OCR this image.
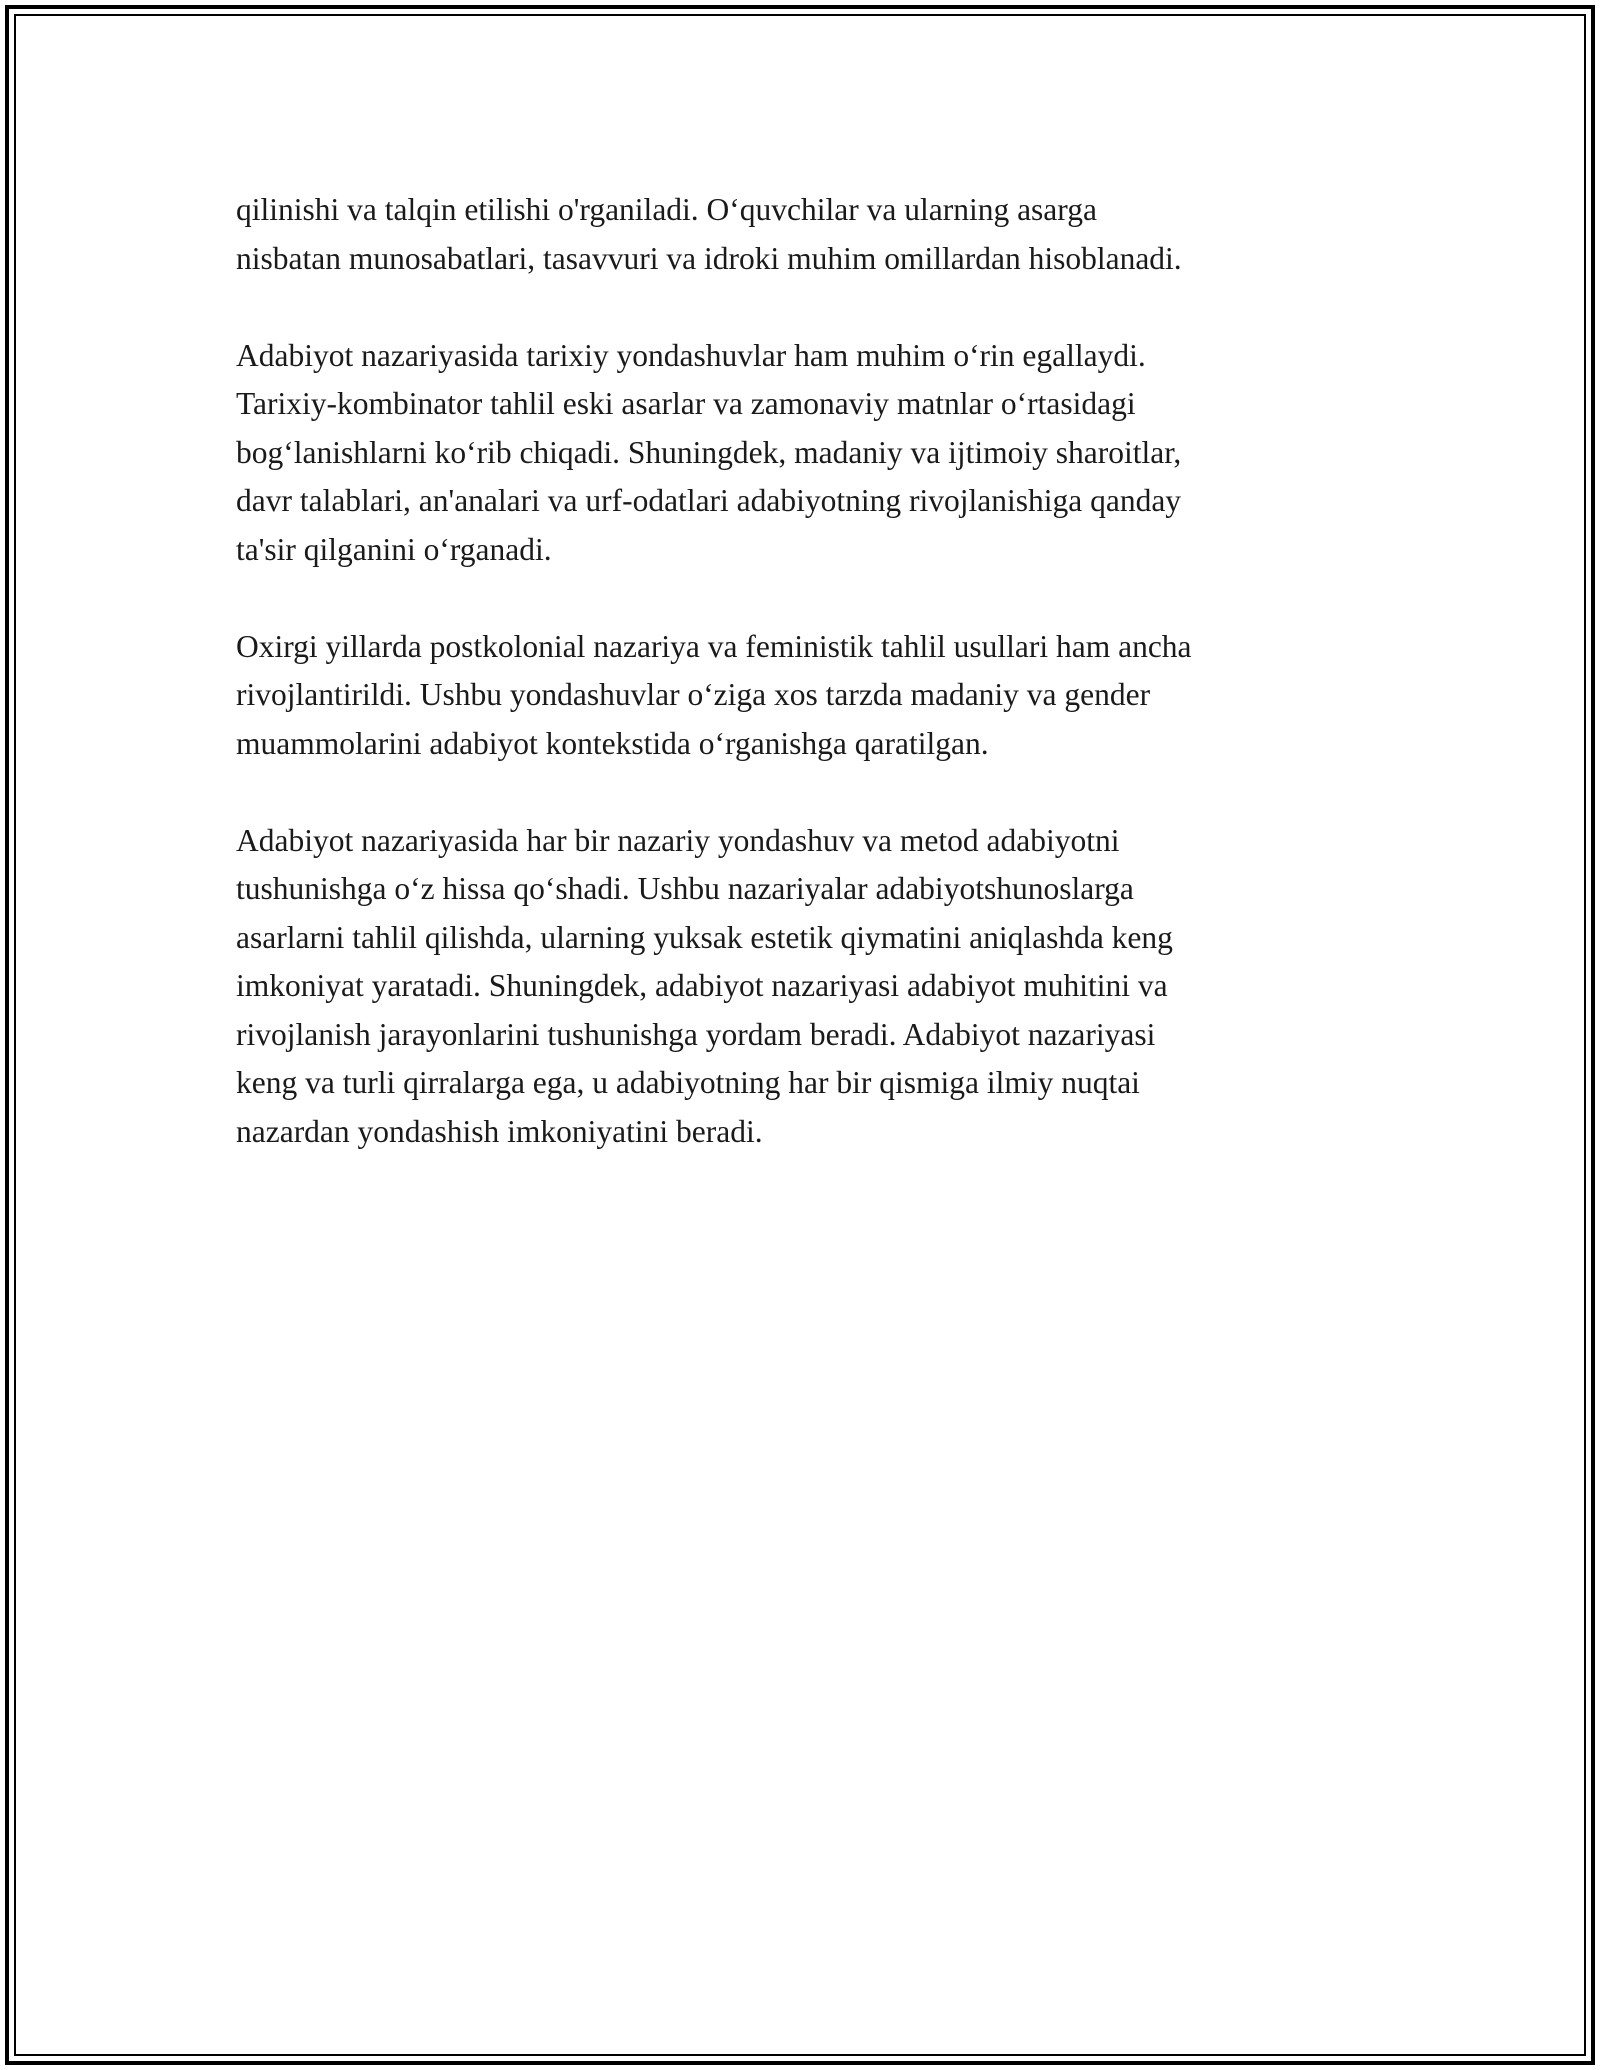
qilinishi va talqin etilishi o'rganiladi. O‘quvchilar va ularning asarga
nisbatan munosabatlari, tasavvuri va idroki muhim omillardan hisoblanadi.

Adabiyot nazariyasida tarixiy yondashuvlar ham muhim o‘rin egallaydi.
Tarixiy-kombinator tahlil eski asarlar va zamonaviy matnlar o‘rtasidagi
bog‘lanishlarni ko‘rib chiqadi. Shuningdek, madaniy va ijtimoiy sharoitlar,
davr talablari, an'analari va urf-odatlari adabiyotning rivojlanishiga qanday
ta'sir qilganini o‘rganadi.

Oxirgi yillarda postkolonial nazariya va feministik tahlil usullari ham ancha
rivojlantirildi. Ushbu yondashuvlar o‘ziga xos tarzda madaniy va gender
muammolarini adabiyot kontekstida o‘rganishga qaratilgan.

Adabiyot nazariyasida har bir nazariy yondashuv va metod adabiyotni
tushunishga o‘z hissa qo‘shadi. Ushbu nazariyalar adabiyotshunoslarga
asarlarni tahlil qilishda, ularning yuksak estetik qiymatini aniqlashda keng
imkoniyat yaratadi. Shuningdek, adabiyot nazariyasi adabiyot muhitini va
rivojlanish jarayonlarini tushunishga yordam beradi. Adabiyot nazariyasi
keng va turli qirralarga ega, u adabiyotning har bir qismiga ilmiy nuqtai
nazardan yondashish imkoniyatini beradi.
